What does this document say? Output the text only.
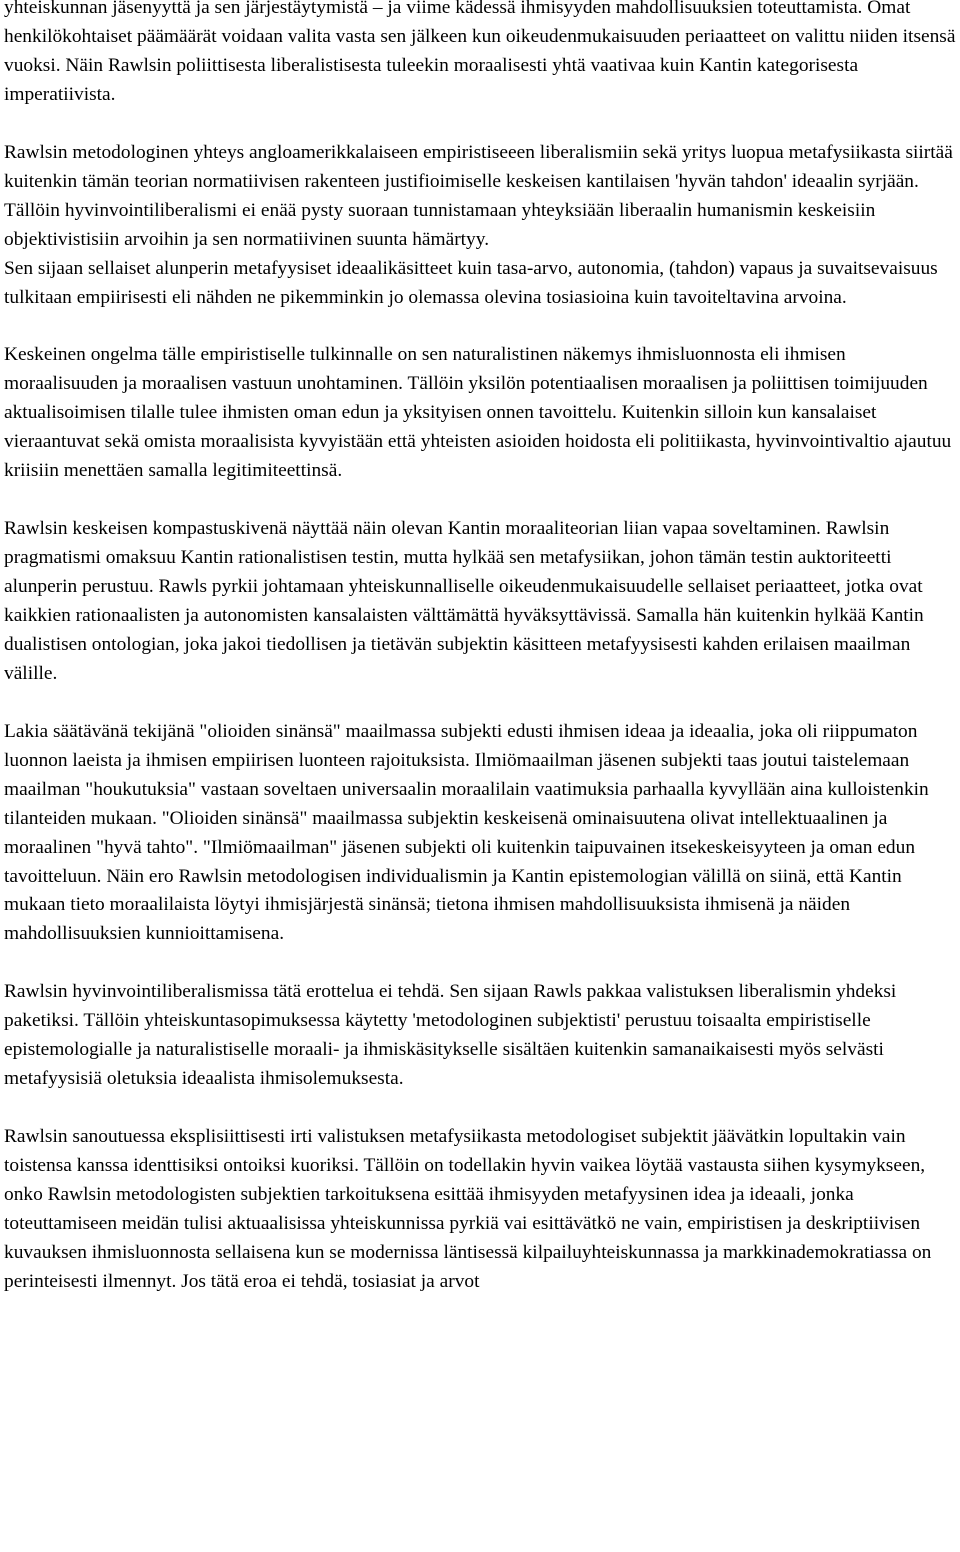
yhteiskunnan jäsenyyttä ja sen järjestäytymistä – ja viime kädessä ihmisyyden mahdollisuuksien toteuttamista. Omat henkilökohtaiset päämäärät voidaan valita vasta sen jälkeen kun oikeudenmukaisuuden periaatteet on valittu niiden itsensä vuoksi. Näin Rawlsin poliittisesta liberalistisesta tuleekin moraalisesti yhtä vaativaa kuin Kantin kategorisesta imperatiivista.

Rawlsin metodologinen yhteys angloamerikkalaiseen empiristiseeen liberalismiin sekä yritys luopua metafysiikasta siirtää kuitenkin tämän teorian normatiivisen rakenteen justifioimiselle keskeisen kantilaisen 'hyvän tahdon' ideaalin syrjään. Tällöin hyvinvointiliberalismi ei enää pysty suoraan tunnistamaan yhteyksiään liberaalin humanismin keskeisiin objektivistisiin arvoihin ja sen normatiivinen suunta hämärtyy.

Sen sijaan sellaiset alunperin metafyysiset ideaalikäsitteet kuin tasa-arvo, autonomia, (tahdon) vapaus ja suvaitsevaisuus tulkitaan empiirisesti eli nähden ne pikemminkin jo olemassa olevina tosiasioina kuin tavoiteltavina arvoina.

Keskeinen ongelma tälle empiristiselle tulkinnalle on sen naturalistinen näkemys ihmisluonnosta eli ihmisen moraalisuuden ja moraalisen vastuun unohtaminen. Tällöin yksilön potentiaalisen moraalisen ja poliittisen toimijuuden aktualisoimisen tilalle tulee ihmisten oman edun ja yksityisen onnen tavoittelu. Kuitenkin silloin kun kansalaiset vieraantuvat sekä omista moraalisista kyvyistään että yhteisten asioiden hoidosta eli politiikasta, hyvinvointivaltio ajautuu kriisiin menettäen samalla legitimiteettinsä.

Rawlsin keskeisen kompastuskivenä näyttää näin olevan Kantin moraaliteorian liian vapaa soveltaminen. Rawlsin pragmatismi omaksuu Kantin rationalistisen testin, mutta hylkää sen metafysiikan, johon tämän testin auktoriteetti alunperin perustuu. Rawls pyrkii johtamaan yhteiskunnalliselle oikeudenmukaisuudelle sellaiset periaatteet, jotka ovat kaikkien rationaalisten ja autonomisten kansalaisten välttämättä hyväksyttävissä. Samalla hän kuitenkin hylkää Kantin dualistisen ontologian, joka jakoi tiedollisen ja tietävän subjektin käsitteen metafyysisesti kahden erilaisen maailman välille.

Lakia säätävänä tekijänä "olioiden sinänsä" maailmassa subjekti edusti ihmisen ideaa ja ideaalia, joka oli riippumaton luonnon laeista ja ihmisen empiirisen luonteen rajoituksista. Ilmiömaailman jäsenen subjekti taas joutui taistelemaan maailman "houkutuksia" vastaan soveltaen universaalin moraalilain vaatimuksia parhaalla kyvyllään aina kulloistenkin tilanteiden mukaan. "Olioiden sinänsä" maailmassa subjektin keskeisenä ominaisuutena olivat intellektuaalinen ja moraalinen "hyvä tahto". "Ilmiömaailman" jäsenen subjekti oli kuitenkin taipuvainen itsekeskeisyyteen ja oman edun tavoitteluun. Näin ero Rawlsin metodologisen individualismin ja Kantin epistemologian välillä on siinä, että Kantin mukaan tieto moraalilaista löytyi ihmisjärjestä sinänsä; tietona ihmisen mahdollisuuksista ihmisenä ja näiden mahdollisuuksien kunnioittamisena.

Rawlsin hyvinvointiliberalismissa tätä erottelua ei tehdä. Sen sijaan Rawls pakkaa valistuksen liberalismin yhdeksi paketiksi. Tällöin yhteiskuntasopimuksessa käytetty 'metodologinen subjektisti' perustuu toisaalta empiristiselle epistemologialle ja naturalistiselle moraali- ja ihmiskäsitykselle sisältäen kuitenkin samanaikaisesti myös selvästi metafyysisiä oletuksia ideaalista ihmisolemuksesta.

Rawlsin sanoutuessa eksplisiittisesti irti valistuksen metafysiikasta metodologiset subjektit jäävätkin lopultakin vain toistensa kanssa identtisiksi ontoiksi kuoriksi. Tällöin on todellakin hyvin vaikea löytää vastausta siihen kysymykseen, onko Rawlsin metodologisten subjektien tarkoituksena esittää ihmisyyden metafyysinen idea ja ideaali, jonka toteuttamiseen meidän tulisi aktuaalisissa yhteiskunnissa pyrkiä vai esittävätkö ne vain, empiristisen ja deskriptiivisen kuvauksen ihmisluonnosta sellaisena kun se modernissa läntisessä kilpailuyhteiskunnassa ja markkinademokratiassa on perinteisesti ilmennyt. Jos tätä eroa ei tehdä, tosiasiat ja arvot
